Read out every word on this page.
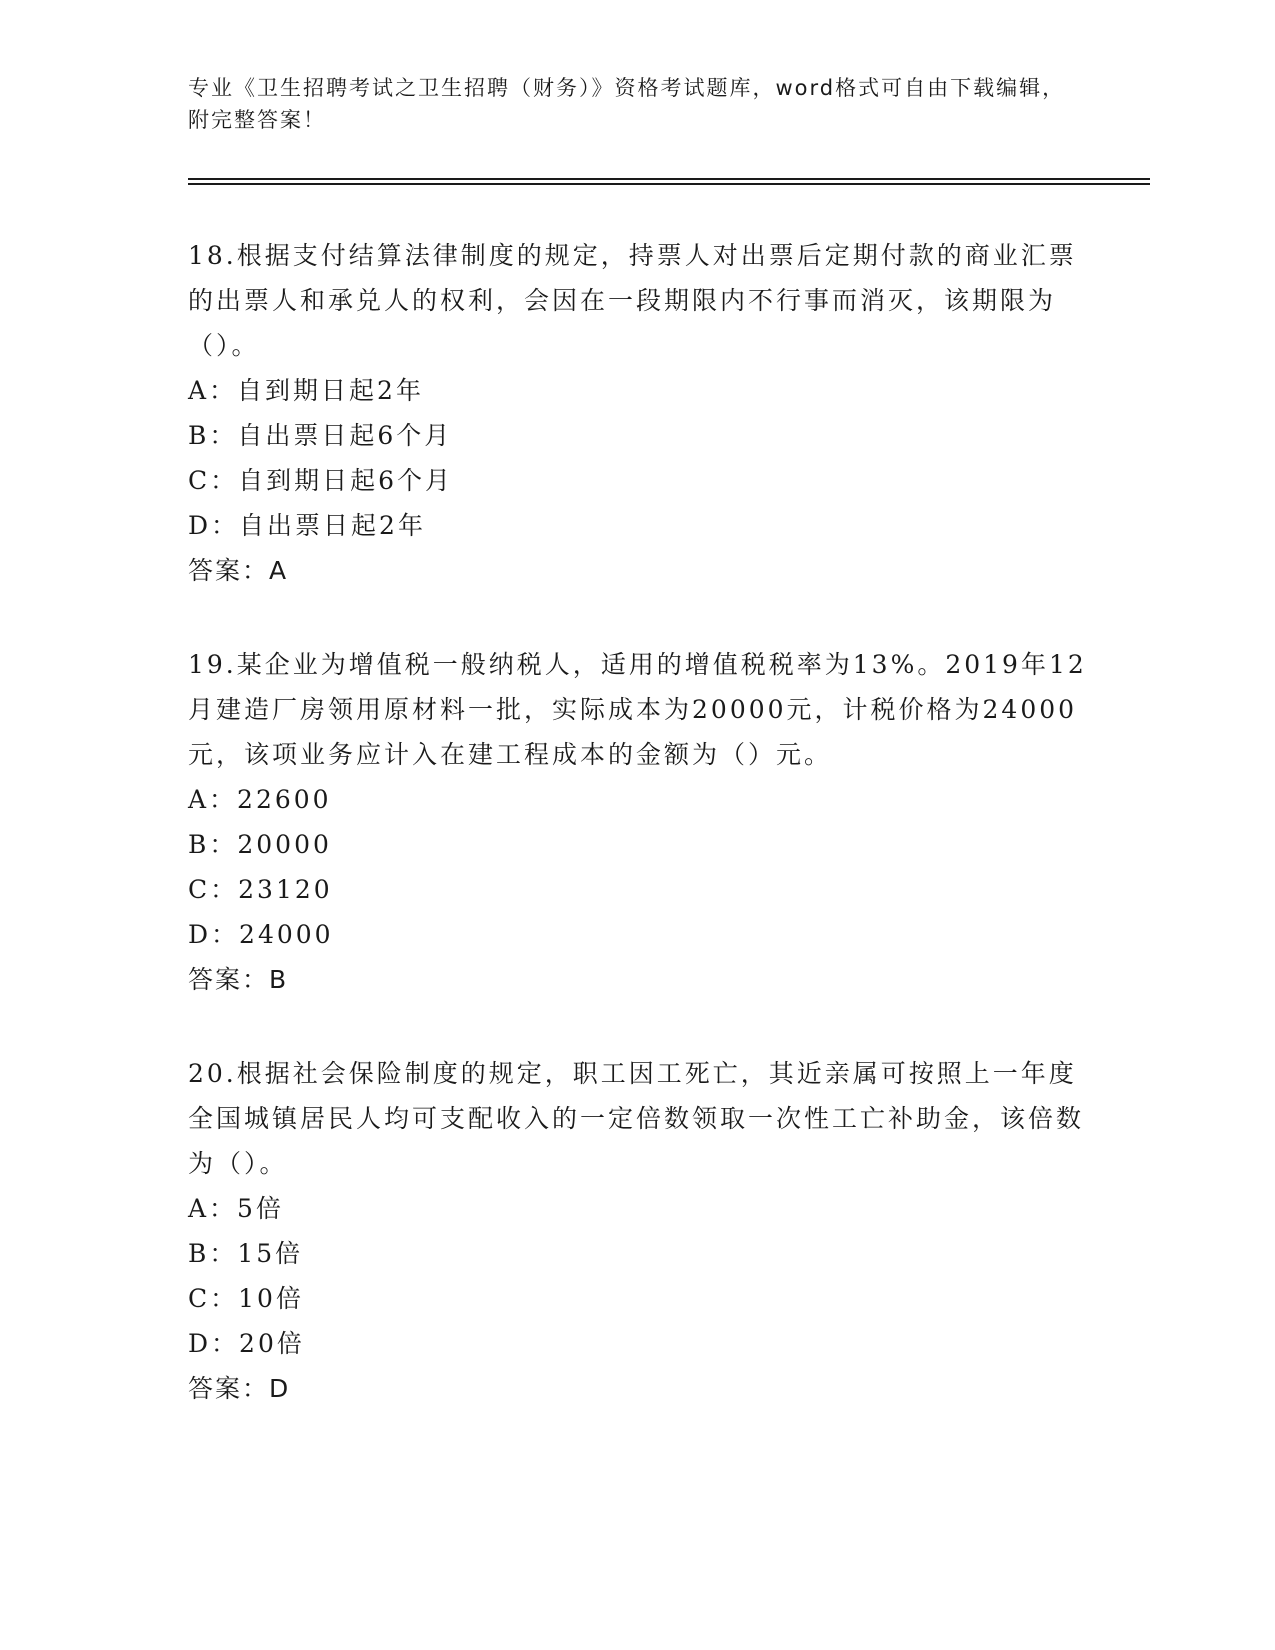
专业《卫生招聘考试之卫生招聘（财务）》资格考试题库，word格式可自由下载编辑，附完整答案！

18.根据支付结算法律制度的规定，持票人对出票后定期付款的商业汇票的出票人和承兑人的权利，会因在一段期限内不行事而消灭，该期限为（）。

A：自到期日起2年
B：自出票日起6个月
C：自到期日起6个月
D：自出票日起2年
答案：A

19.某企业为增值税一般纳税人，适用的增值税税率为13%。2019年12月建造厂房领用原材料一批，实际成本为20000元，计税价格为24000元，该项业务应计入在建工程成本的金额为（）元。

A：22600
B：20000
C：23120
D：24000
答案：B

20.根据社会保险制度的规定，职工因工死亡，其近亲属可按照上一年度全国城镇居民人均可支配收入的一定倍数领取一次性工亡补助金，该倍数为（）。

A：5倍
B：15倍
C：10倍
D：20倍
答案：D
